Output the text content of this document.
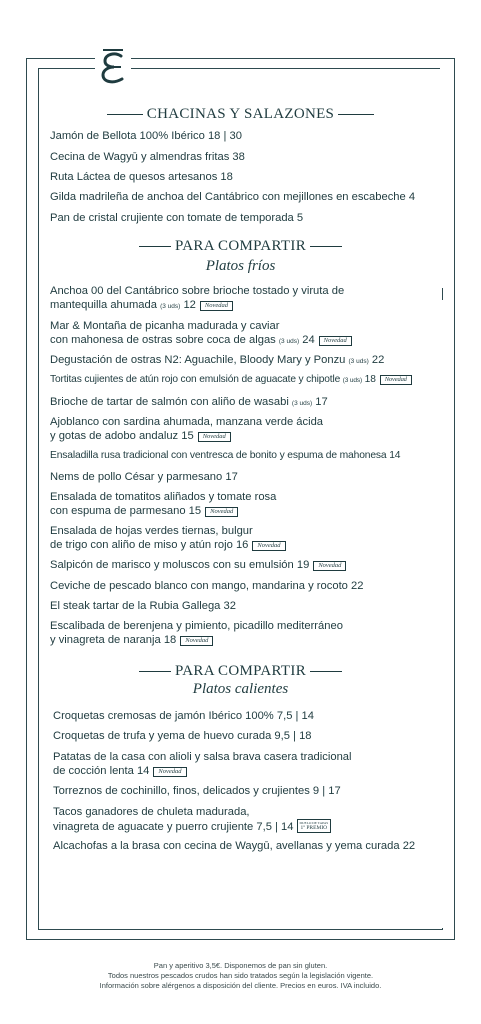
CHACINAS Y SALAZONES
Jamón de Bellota 100% Ibérico 18 | 30
Cecina de Wagyū y almendras fritas 38
Ruta Láctea de quesos artesanos 18
Gilda madrileña de anchoa del Cantábrico con mejillones en escabeche 4
Pan de cristal crujiente con tomate de temporada 5
PARA COMPARTIR
Platos fríos
Anchoa 00 del Cantábrico sobre brioche tostado y viruta de
mantequilla ahumada (3 uds) 12 Novedad
Mar & Montaña de picanha madurada y caviar
con mahonesa de ostras sobre coca de algas (3 uds) 24 Novedad
Degustación de ostras N2: Aguachile, Bloody Mary y Ponzu (3 uds) 22
Tortitas cujientes de atún rojo con emulsión de aguacate y chipotle (3 uds) 18 Novedad
Brioche de tartar de salmón con aliño de wasabi (3 uds) 17
Ajoblanco con sardina ahumada, manzana verde ácida
y gotas de adobo andaluz 15 Novedad
Ensaladilla rusa tradicional con ventresca de bonito y espuma de mahonesa 14
Nems de pollo César y parmesano 17
Ensalada de tomatitos aliñados y tomate rosa
con espuma de parmesano 15 Novedad
Ensalada de hojas verdes tiernas, bulgur
de trigo con aliño de miso y atún rojo 16 Novedad
Salpicón de marisco y moluscos con su emulsión 19 Novedad
Ceviche de pescado blanco con mango, mandarina y rocoto 22
El steak tartar de la Rubia Gallega 32
Escalibada de berenjena y pimiento, picadillo mediterráneo
y vinagreta de naranja 18 Novedad
PARA COMPARTIR
Platos calientes
Croquetas cremosas de jamón Ibérico 100% 7,5 | 14
Croquetas de trufa y yema de huevo curada 9,5 | 18
Patatas de la casa con alioli y salsa brava casera tradicional
de cocción lenta 14 Novedad
Torreznos de cochinillo, finos, delicados y crujientes 9 | 17
Tacos ganadores de chuleta madurada,
vinagreta de aguacate y puerro crujiente 7,5 | 14 DUELO DE TAPAS
1º PREMIO
Alcachofas a la brasa con cecina de Waygū, avellanas y yema curada 22
Pan y aperitivo 3,5€. Disponemos de pan sin gluten.
Todos nuestros pescados crudos han sido tratados según la legislación vigente.
Información sobre alérgenos a disposición del cliente. Precios en euros. IVA incluido.
